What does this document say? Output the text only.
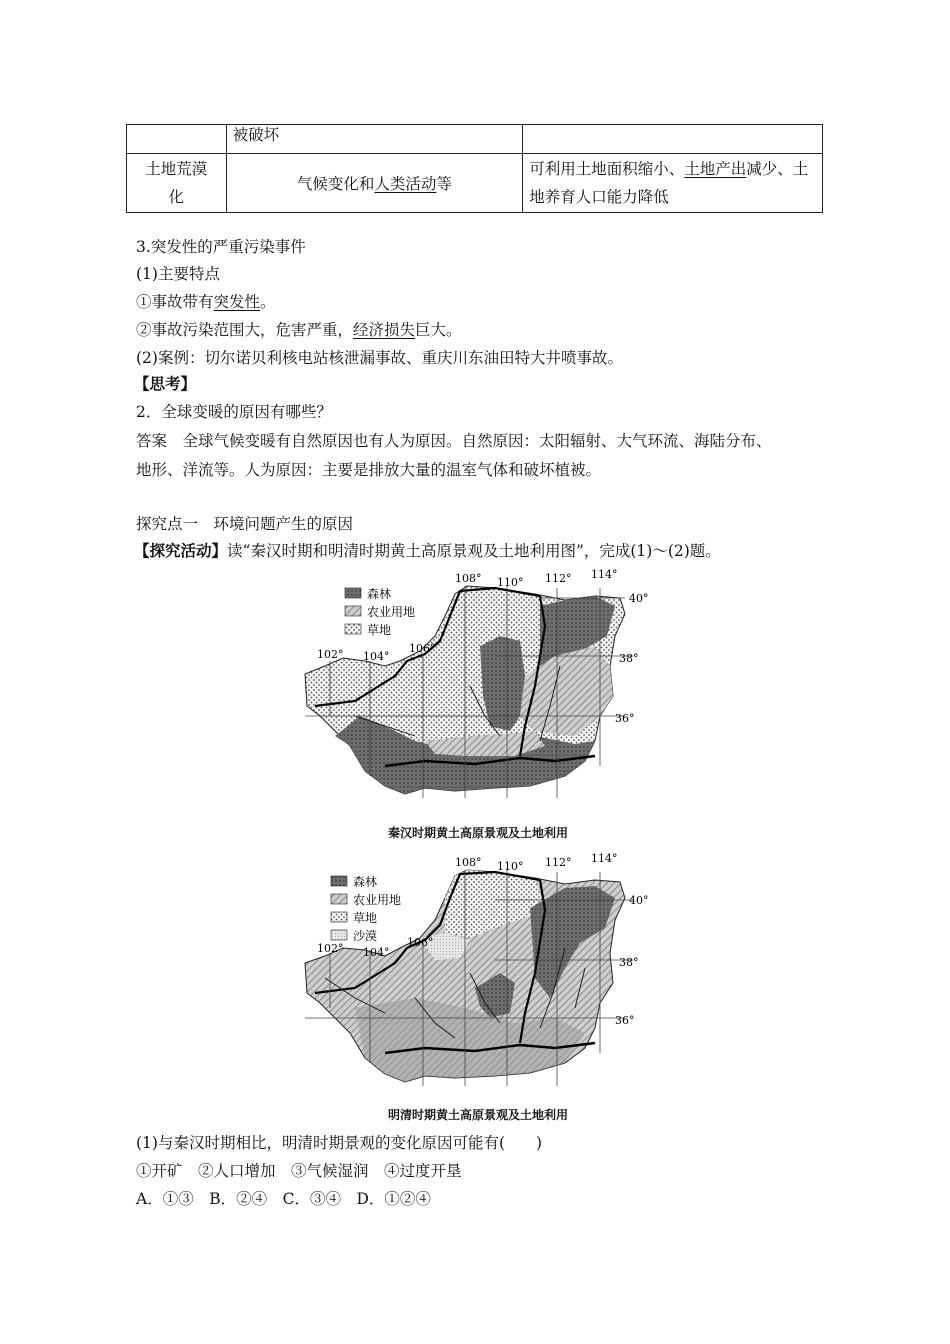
	被破坏	

土地荒漠化	气候变化和人类活动等	可利用土地面积缩小、土地产出减少、土地养育人口能力降低
3.突发性的严重污染事件
(1)主要特点
①事故带有突发性。
②事故污染范围大，危害严重，经济损失巨大。
(2)案例：切尔诺贝利核电站核泄漏事故、重庆川东油田特大井喷事故。
【思考】
2．全球变暖的原因有哪些？
答案　全球气候变暖有自然原因也有人为原因。自然原因：太阳辐射、大气环流、海陆分布、
地形、洋流等。人为原因：主要是排放大量的温室气体和破坏植被。
探究点一　环境问题产生的原因
【探究活动】读“秦汉时期和明清时期黄土高原景观及土地利用图”，完成(1)～(2)题。
森林
农业用地
草地
102° 104°
106°
108° 110° 112° 114°
40°
38°
36°
秦汉时期黄土高原景观及土地利用
森林
农业用地
草地
沙漠
102° 104°
106°
108° 110° 112° 114°
40°
38°
36°
明清时期黄土高原景观及土地利用
(1)与秦汉时期相比，明清时期景观的变化原因可能有(　　)
①开矿　②人口增加　③气候湿润　④过度开垦
A．①③　B．②④　C．③④　D．①②④
